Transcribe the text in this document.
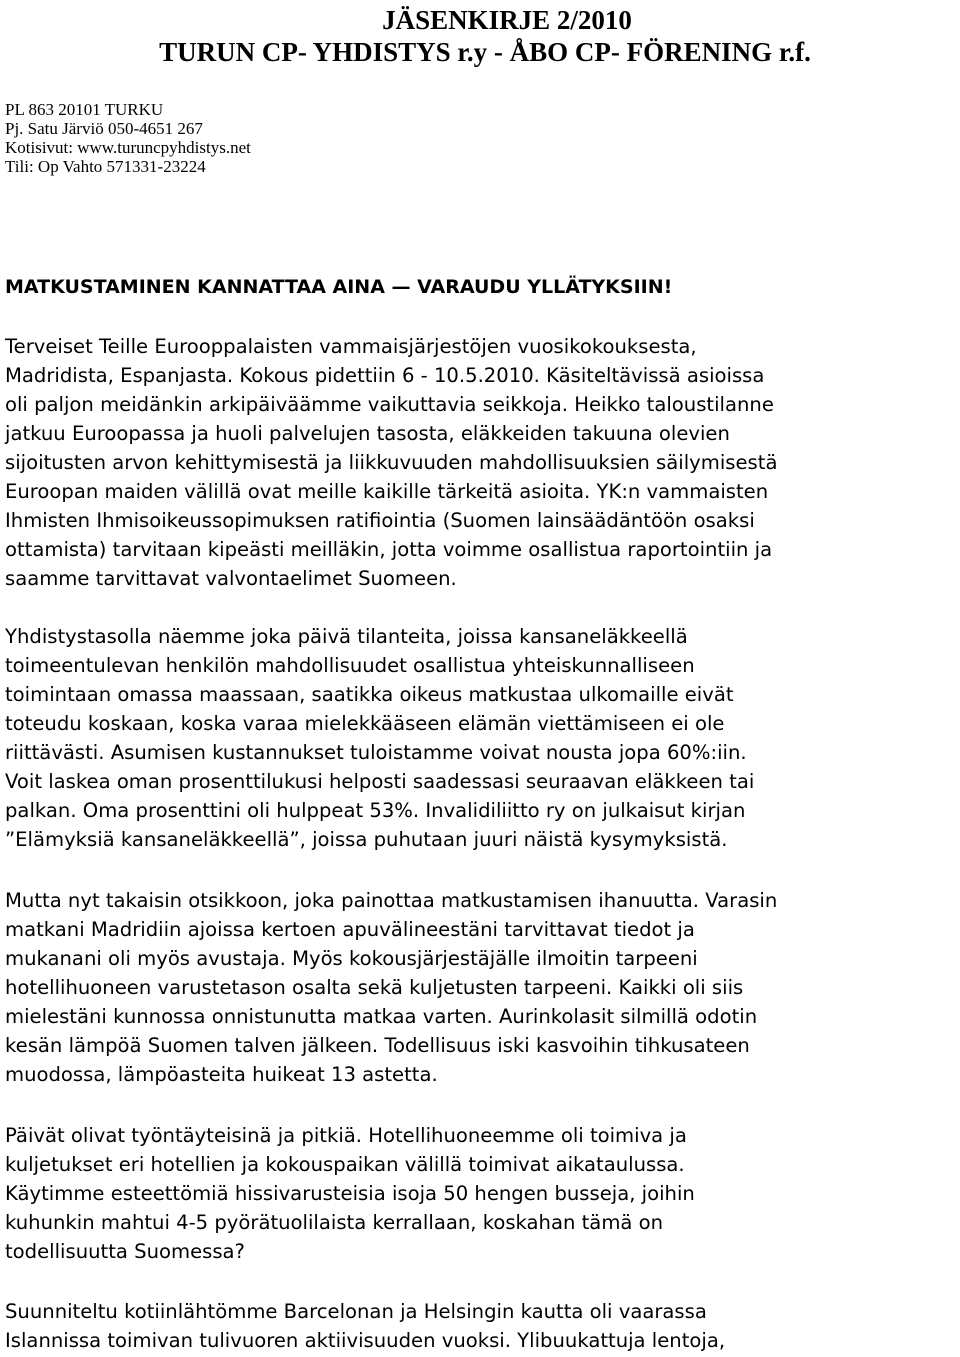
JÄSENKIRJE 2/2010
TURUN CP- YHDISTYS r.y - ÅBO CP- FÖRENING r.f.
PL 863 20101 TURKU
Pj. Satu Järviö 050-4651 267
Kotisivut: www.turuncpyhdistys.net
Tili: Op Vahto 571331-23224
MATKUSTAMINEN KANNATTAA AINA — VARAUDU YLLÄTYKSIIN!
Terveiset Teille Eurooppalaisten vammaisjärjestöjen vuosikokouksesta,
Madridista, Espanjasta. Kokous pidettiin 6 - 10.5.2010. Käsiteltävissä asioissa
oli paljon meidänkin arkipäiväämme vaikuttavia seikkoja. Heikko taloustilanne
jatkuu Euroopassa ja huoli palvelujen tasosta, eläkkeiden takuuna olevien
sijoitusten arvon kehittymisestä ja liikkuvuuden mahdollisuuksien säilymisestä
Euroopan maiden välillä ovat meille kaikille tärkeitä asioita. YK:n vammaisten
Ihmisten Ihmisoikeussopimuksen ratifiointia (Suomen lainsäädäntöön osaksi
ottamista) tarvitaan kipeästi meilläkin, jotta voimme osallistua raportointiin ja
saamme tarvittavat valvontaelimet Suomeen.
Yhdistystasolla näemme joka päivä tilanteita, joissa kansaneläkkeellä
toimeentulevan henkilön mahdollisuudet osallistua yhteiskunnalliseen
toimintaan omassa maassaan, saatikka oikeus matkustaa ulkomaille eivät
toteudu koskaan, koska varaa mielekkääseen elämän viettämiseen ei ole
riittävästi. Asumisen kustannukset tuloistamme voivat nousta jopa 60%:iin.
Voit laskea oman prosenttilukusi helposti saadessasi seuraavan eläkkeen tai
palkan. Oma prosenttini oli hulppeat 53%. Invalidiliitto ry on julkaisut kirjan
”Elämyksiä kansaneläkkeellä”, joissa puhutaan juuri näistä kysymyksistä.
Mutta nyt takaisin otsikkoon, joka painottaa matkustamisen ihanuutta. Varasin
matkani Madridiin ajoissa kertoen apuvälineestäni tarvittavat tiedot ja
mukanani oli myös avustaja. Myös kokousjärjestäjälle ilmoitin tarpeeni
hotellihuoneen varustetason osalta sekä kuljetusten tarpeeni. Kaikki oli siis
mielestäni kunnossa onnistunutta matkaa varten. Aurinkolasit silmillä odotin
kesän lämpöä Suomen talven jälkeen. Todellisuus iski kasvoihin tihkusateen
muodossa, lämpöasteita huikeat 13 astetta.
Päivät olivat työntäyteisinä ja pitkiä. Hotellihuoneemme oli toimiva ja
kuljetukset eri hotellien ja kokouspaikan välillä toimivat aikataulussa.
Käytimme esteettömiä hissivarusteisia isoja 50 hengen busseja, joihin
kuhunkin mahtui 4-5 pyörätuolilaista kerrallaan, koskahan tämä on
todellisuutta Suomessa?
Suunniteltu kotiinlähtömme Barcelonan ja Helsingin kautta oli vaarassa
Islannissa toimivan tulivuoren aktiivisuuden vuoksi. Ylibuukattuja lentoja,
